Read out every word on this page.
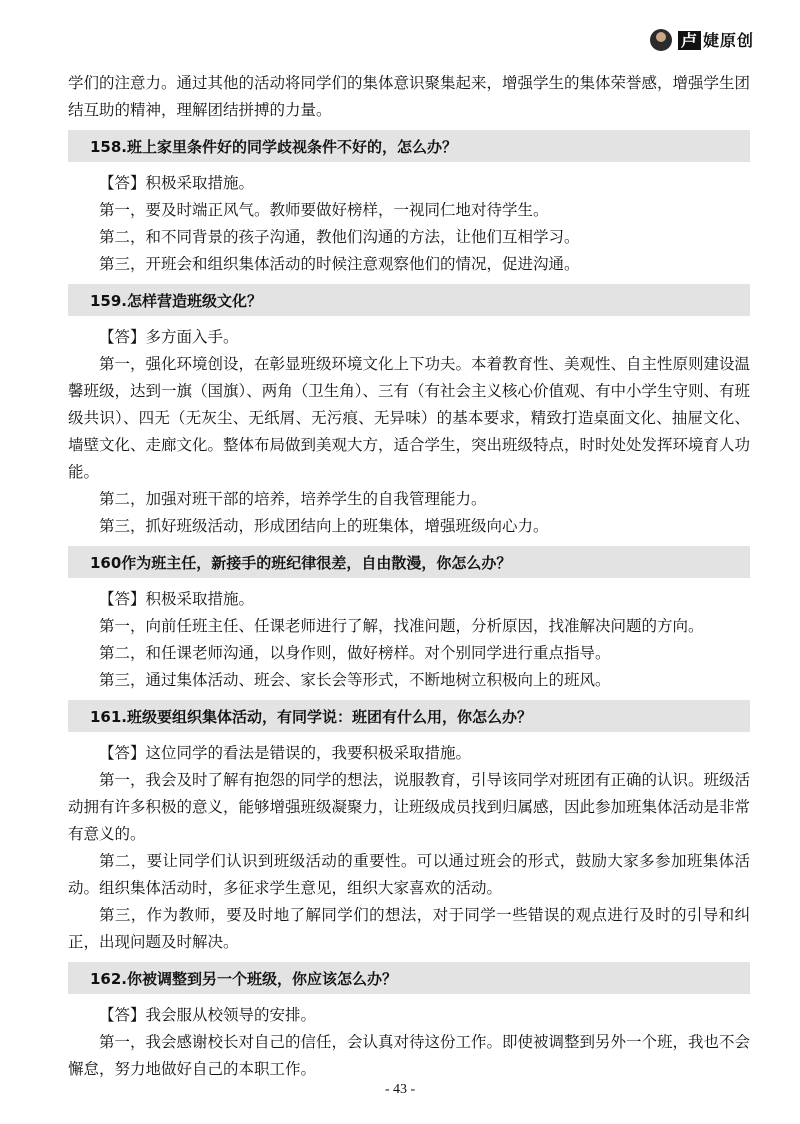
卢 婕原创

学们的注意力。通过其他的活动将同学们的集体意识聚集起来，增强学生的集体荣誉感，增强学生团结互助的精神，理解团结拼搏的力量。

158.班上家里条件好的同学歧视条件不好的，怎么办？

【答】积极采取措施。

第一，要及时端正风气。教师要做好榜样，一视同仁地对待学生。

第二，和不同背景的孩子沟通，教他们沟通的方法，让他们互相学习。

第三，开班会和组织集体活动的时候注意观察他们的情况，促进沟通。

159.怎样营造班级文化？

【答】多方面入手。

第一，强化环境创设，在彰显班级环境文化上下功夫。本着教育性、美观性、自主性原则建设温馨班级，达到一旗（国旗）、两角（卫生角）、三有（有社会主义核心价值观、有中小学生守则、有班级共识）、四无（无灰尘、无纸屑、无污痕、无异味）的基本要求，精致打造桌面文化、抽屉文化、墙壁文化、走廊文化。整体布局做到美观大方，适合学生，突出班级特点，时时处处发挥环境育人功能。

第二，加强对班干部的培养，培养学生的自我管理能力。

第三，抓好班级活动，形成团结向上的班集体，增强班级向心力。

160作为班主任，新接手的班纪律很差，自由散漫，你怎么办？

【答】积极采取措施。

第一，向前任班主任、任课老师进行了解，找准问题，分析原因，找准解决问题的方向。

第二，和任课老师沟通，以身作则，做好榜样。对个别同学进行重点指导。

第三，通过集体活动、班会、家长会等形式，不断地树立积极向上的班风。

161.班级要组织集体活动，有同学说：班团有什么用，你怎么办？

【答】这位同学的看法是错误的，我要积极采取措施。

第一，我会及时了解有抱怨的同学的想法，说服教育，引导该同学对班团有正确的认识。班级活动拥有许多积极的意义，能够增强班级凝聚力，让班级成员找到归属感，因此参加班集体活动是非常有意义的。

第二，要让同学们认识到班级活动的重要性。可以通过班会的形式，鼓励大家多参加班集体活动。组织集体活动时，多征求学生意见，组织大家喜欢的活动。

第三，作为教师，要及时地了解同学们的想法，对于同学一些错误的观点进行及时的引导和纠正，出现问题及时解决。

162.你被调整到另一个班级，你应该怎么办？

【答】我会服从校领导的安排。

第一，我会感谢校长对自己的信任，会认真对待这份工作。即使被调整到另外一个班，我也不会懈怠，努力地做好自己的本职工作。

- 43 -
